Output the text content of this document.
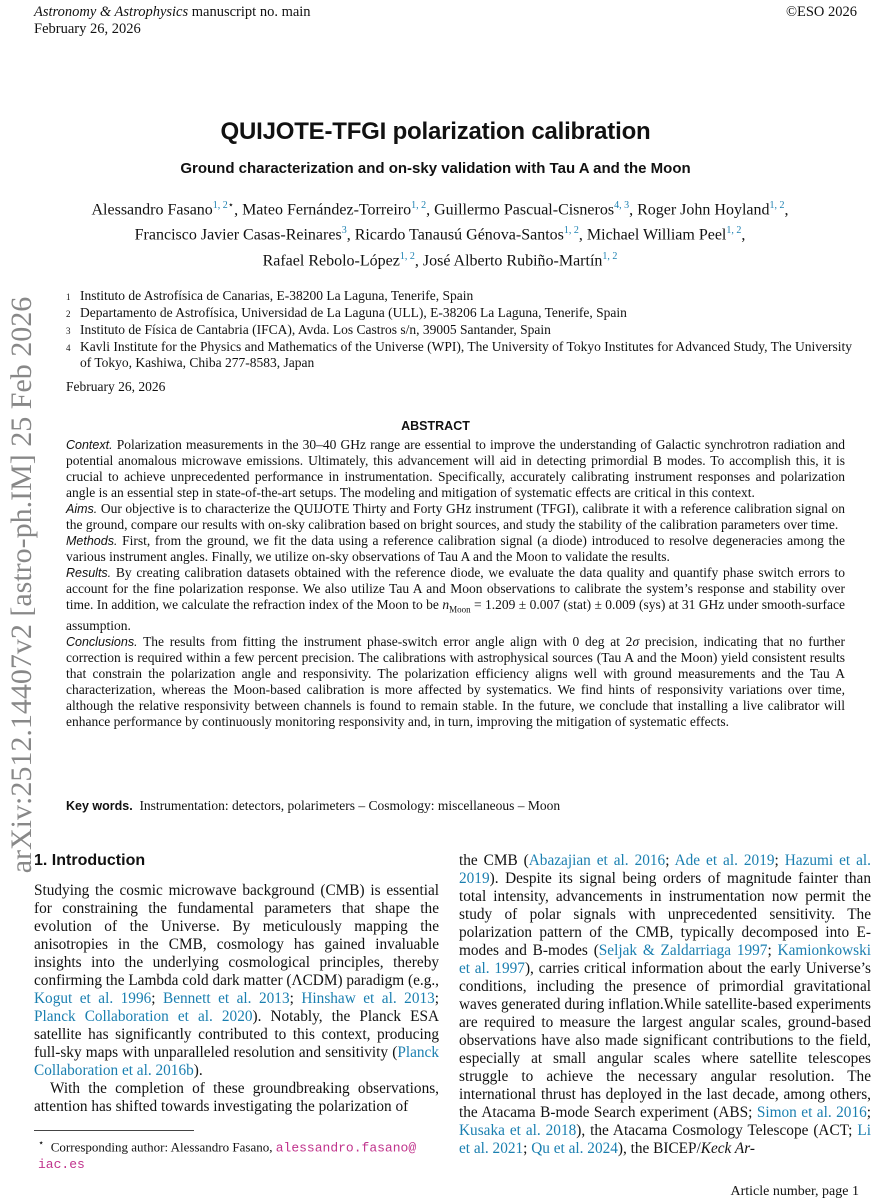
Astronomy & Astrophysics manuscript no. main
February 26, 2026
©ESO 2026
arXiv:2512.14407v2 [astro-ph.IM] 25 Feb 2026
QUIJOTE-TFGI polarization calibration
Ground characterization and on-sky validation with Tau A and the Moon
Alessandro Fasano$^{1, 2⋆}$, Mateo Fernández-Torreiro$^{1, 2}$, Guillermo Pascual-Cisneros$^{4, 3}$, Roger John Hoyland$^{1, 2}$,
Francisco Javier Casas-Reinares$^3$, Ricardo Tanausú Génova-Santos$^{1, 2}$, Michael William Peel$^{1, 2}$,
Rafael Rebolo-López$^{1, 2}$, José Alberto Rubiño-Martín$^{1, 2}$
1 Instituto de Astrofísica de Canarias, E-38200 La Laguna, Tenerife, Spain
2 Departamento de Astrofísica, Universidad de La Laguna (ULL), E-38206 La Laguna, Tenerife, Spain
3 Instituto de Física de Cantabria (IFCA), Avda. Los Castros s/n, 39005 Santander, Spain
4 Kavli Institute for the Physics and Mathematics of the Universe (WPI), The University of Tokyo Institutes for Advanced Study, The University of Tokyo, Kashiwa, Chiba 277-8583, Japan
February 26, 2026
ABSTRACT

Context. Polarization measurements in the 30–40 GHz range are essential to improve the understanding of Galactic synchrotron radiation and potential anomalous microwave emissions. Ultimately, this advancement will aid in detecting primordial B modes. To accomplish this, it is crucial to achieve unprecedented performance in instrumentation. Specifically, accurately calibrating instrument responses and polarization angle is an essential step in state-of-the-art setups. The modeling and mitigation of systematic effects are critical in this context.

Aims. Our objective is to characterize the QUIJOTE Thirty and Forty GHz instrument (TFGI), calibrate it with a reference calibration signal on the ground, compare our results with on-sky calibration based on bright sources, and study the stability of the calibration parameters over time.

Methods. First, from the ground, we fit the data using a reference calibration signal (a diode) introduced to resolve degeneracies among the various instrument angles. Finally, we utilize on-sky observations of Tau A and the Moon to validate the results.

Results. By creating calibration datasets obtained with the reference diode, we evaluate the data quality and quantify phase switch errors to account for the fine polarization response. We also utilize Tau A and Moon observations to calibrate the system’s response and stability over time. In addition, we calculate the refraction index of the Moon to be $n_{Moon} = 1.209 \pm 0.007$ (stat) ± 0.009 (sys) at 31 GHz under smooth-surface assumption.

Conclusions. The results from fitting the instrument phase-switch error angle align with 0 deg at 2σ precision, indicating that no further correction is required within a few percent precision. The calibrations with astrophysical sources (Tau A and the Moon) yield consistent results that constrain the polarization angle and responsivity. The polarization efficiency aligns well with ground measurements and the Tau A characterization, whereas the Moon-based calibration is more affected by systematics. We find hints of responsivity variations over time, although the relative responsivity between channels is found to remain stable. In the future, we conclude that installing a live calibrator will enhance performance by continuously monitoring responsivity and, in turn, improving the mitigation of systematic effects.

Key words. Instrumentation: detectors, polarimeters – Cosmology: miscellaneous – Moon
1. Introduction

Studying the cosmic microwave background (CMB) is essential for constraining the fundamental parameters that shape the evolution of the Universe. By meticulously mapping the anisotropies in the CMB, cosmology has gained invaluable insights into the underlying cosmological principles, thereby confirming the Lambda cold dark matter (ΛCDM) paradigm (e.g., Kogut et al. 1996; Bennett et al. 2013; Hinshaw et al. 2013; Planck Collaboration et al. 2020). Notably, the Planck ESA satellite has significantly contributed to this context, producing full-sky maps with unparalleled resolution and sensitivity (Planck Collaboration et al. 2016b).

With the completion of these groundbreaking observations, attention has shifted towards investigating the polarization of

the CMB (Abazajian et al. 2016; Ade et al. 2019; Hazumi et al. 2019). Despite its signal being orders of magnitude fainter than total intensity, advancements in instrumentation now permit the study of polar signals with unprecedented sensitivity. The polarization pattern of the CMB, typically decomposed into E-modes and B-modes (Seljak & Zaldarriaga 1997; Kamionkowski et al. 1997), carries critical information about the early Universe’s conditions, including the presence of primordial gravitational waves generated during inflation.While satellite-based experiments are required to measure the largest angular scales, ground-based observations have also made significant contributions to the field, especially at small angular scales where satellite telescopes struggle to achieve the necessary angular resolution. The international thrust has deployed in the last decade, among others, the Atacama B-mode Search experiment (ABS; Simon et al. 2016; Kusaka et al. 2018), the Atacama Cosmology Telescope (ACT; Li et al. 2021; Qu et al. 2024), the BICEP/Keck Ar-

⋆ Corresponding author: Alessandro Fasano, alessandro.fasano@
iac.es
Article number, page 1
